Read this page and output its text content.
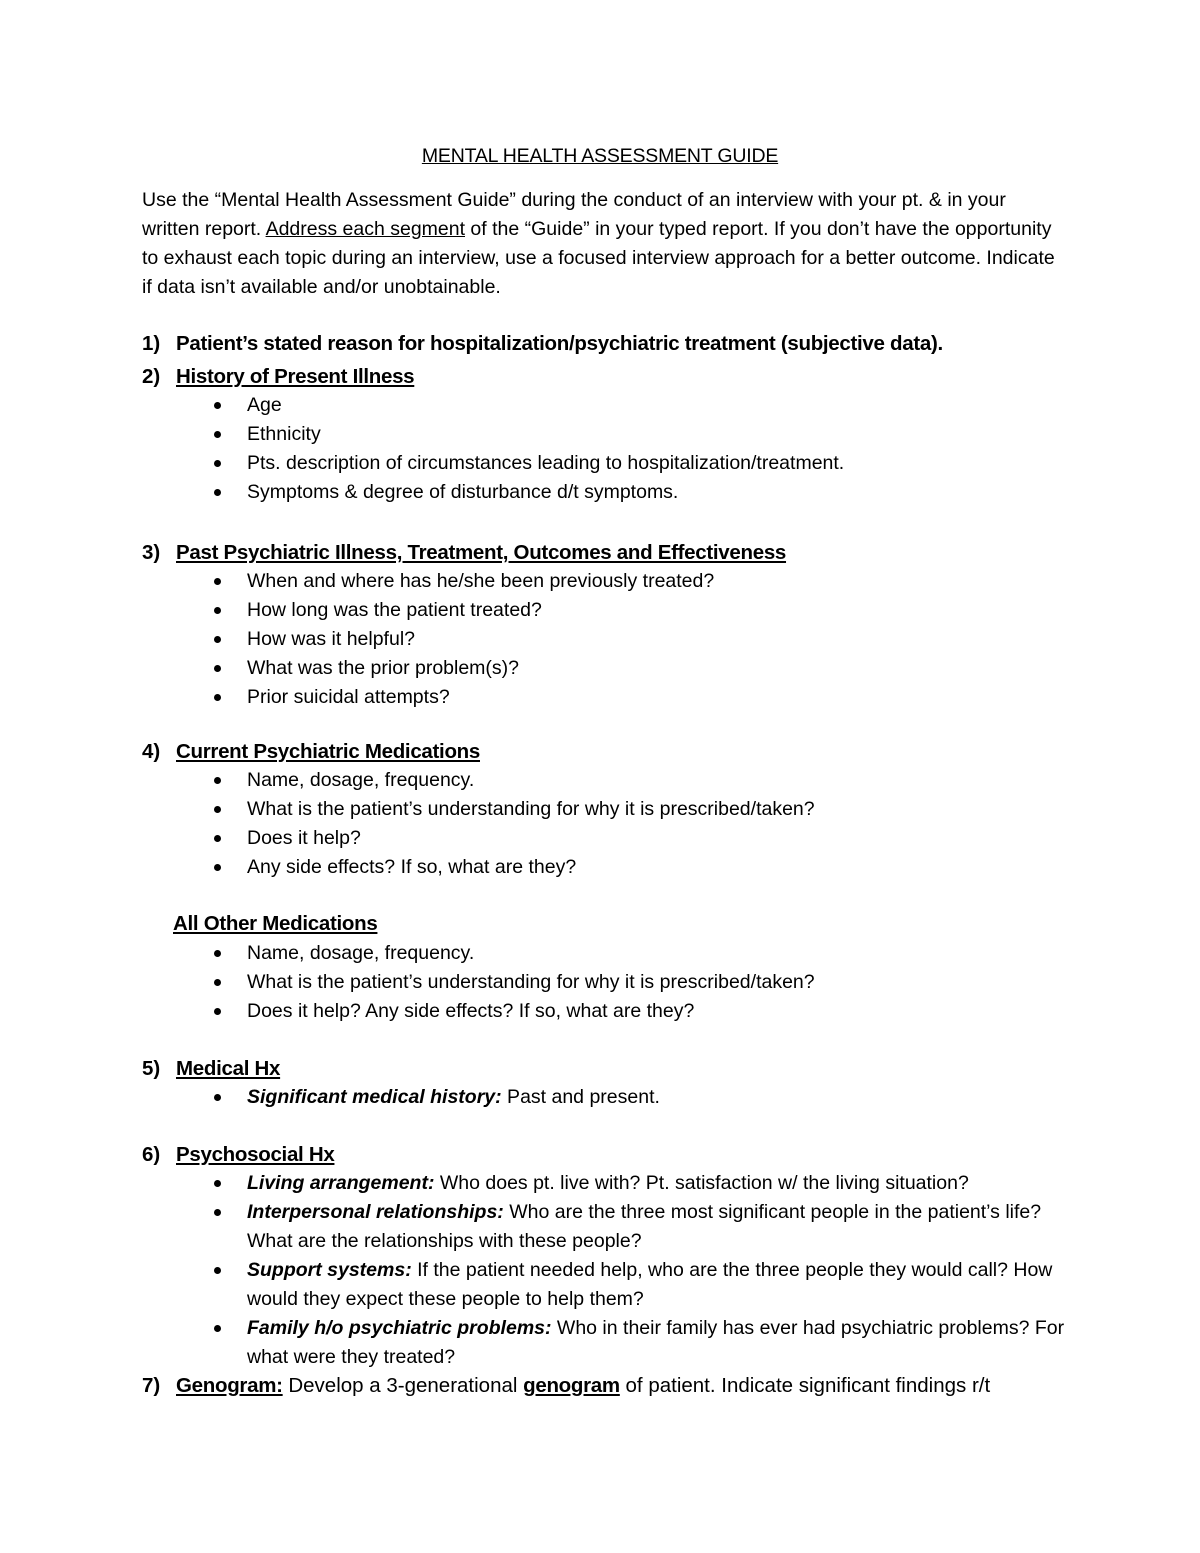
MENTAL HEALTH ASSESSMENT GUIDE
Use the “Mental Health Assessment Guide” during the conduct of an interview with your pt. & in your written report. Address each segment of the “Guide” in your typed report. If you don’t have the opportunity to exhaust each topic during an interview, use a focused interview approach for a better outcome. Indicate if data isn’t available and/or unobtainable.
1) Patient’s stated reason for hospitalization/psychiatric treatment (subjective data).
2) History of Present Illness
Age
Ethnicity
Pts. description of circumstances leading to hospitalization/treatment.
Symptoms & degree of disturbance d/t symptoms.
3) Past Psychiatric Illness, Treatment, Outcomes and Effectiveness
When and where has he/she been previously treated?
How long was the patient treated?
How was it helpful?
What was the prior problem(s)?
Prior suicidal attempts?
4) Current Psychiatric Medications
Name, dosage, frequency.
What is the patient’s understanding for why it is prescribed/taken?
Does it help?
Any side effects? If so, what are they?
All Other Medications
Name, dosage, frequency.
What is the patient’s understanding for why it is prescribed/taken?
Does it help? Any side effects? If so, what are they?
5) Medical Hx
Significant medical history: Past and present.
6) Psychosocial Hx
Living arrangement: Who does pt. live with? Pt. satisfaction w/ the living situation?
Interpersonal relationships: Who are the three most significant people in the patient’s life? What are the relationships with these people?
Support systems: If the patient needed help, who are the three people they would call? How would they expect these people to help them?
Family h/o psychiatric problems: Who in their family has ever had psychiatric problems? For what were they treated?
7) Genogram: Develop a 3-generational genogram of patient. Indicate significant findings r/t
